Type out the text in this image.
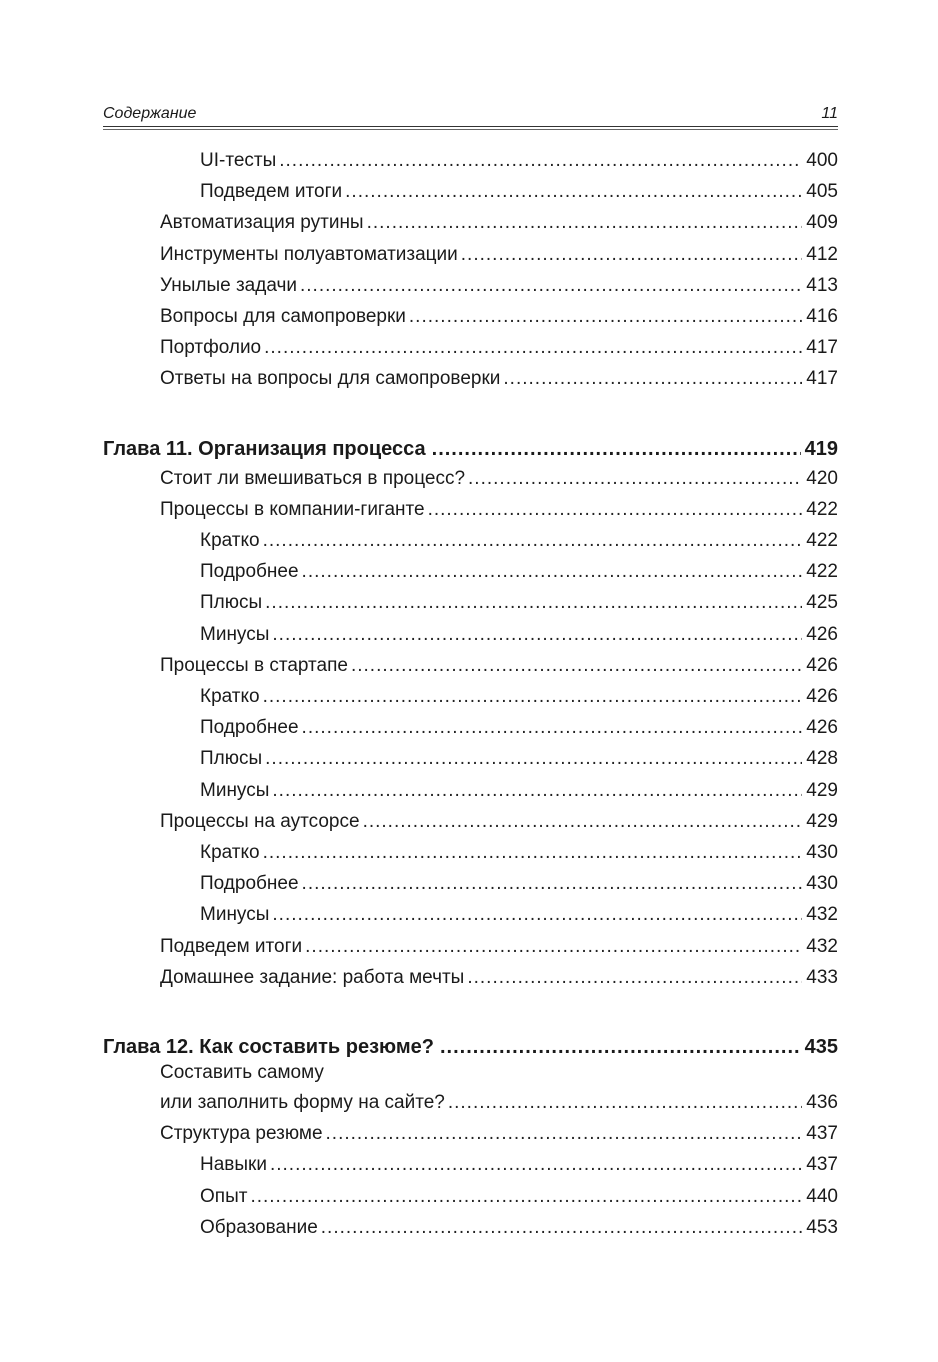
Содержание	11
UI-тесты .....	400
Подведем итоги .....	405
Автоматизация рутины .....	409
Инструменты полуавтоматизации .....	412
Унылые задачи .....	413
Вопросы для самопроверки .....	416
Портфолио .....	417
Ответы на вопросы для самопроверки .....	417
Глава 11. Организация процесса .....	419
Стоит ли вмешиваться в процесс? .....	420
Процессы в компании-гиганте .....	422
Кратко .....	422
Подробнее .....	422
Плюсы .....	425
Минусы .....	426
Процессы в стартапе .....	426
Кратко .....	426
Подробнее .....	426
Плюсы .....	428
Минусы .....	429
Процессы на аутсорсе .....	429
Кратко .....	430
Подробнее .....	430
Минусы .....	432
Подведем итоги .....	432
Домашнее задание: работа мечты .....	433
Глава 12. Как составить резюме? .....	435
Составить самому
или заполнить форму на сайте? .....	436
Структура резюме .....	437
Навыки .....	437
Опыт .....	440
Образование .....	453
